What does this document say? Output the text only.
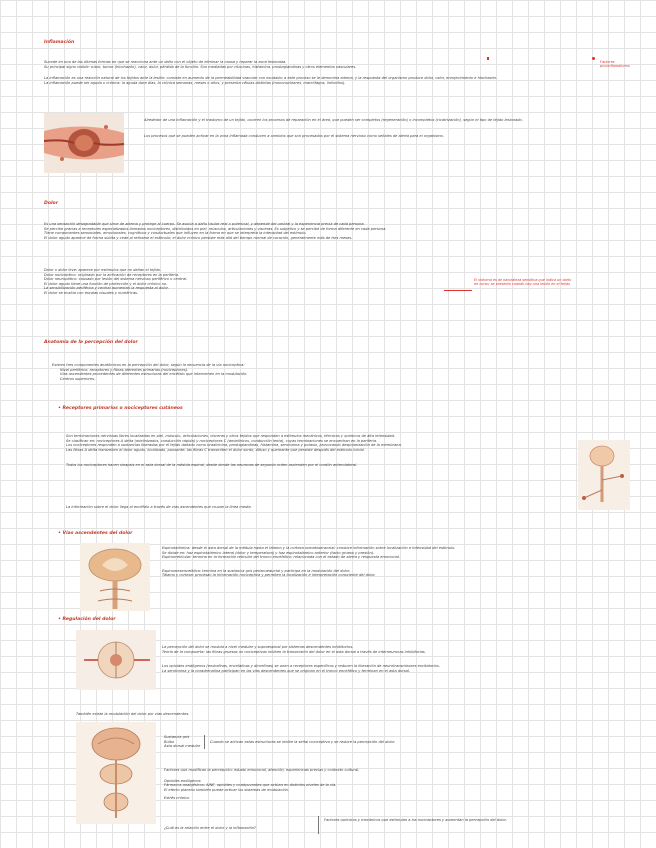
Inflamación
Factores
procinflamatorios
Sucede en una de las últimas formas en que se reacciona ante un daño con el objeto de eliminar la causa y reparar la zona lesionada.
Su principal signo visible: rubor, tumor (hinchazón), calor, dolor, pérdida de la función. Son mediadas por citocinas, histamina, prostaglandinas y otros elementos vasculares.
La inflamación es una reacción natural de los tejidos ante la lesión: consiste en aumento de la permeabilidad vascular con exudado; a este proceso se le denomina edema, y la respuesta del organismo produce dolor, calor, enrojecimiento e hinchazón.
La inflamación puede ser aguda o crónica: la aguda dura días, la crónica semanas, meses o años, y presenta células distintas (mononucleares, macrófagos, linfocitos).
Alrededor de una inflamación y el trastorno de un tejido, ocurren los procesos de reparación en el área, que pueden ser completos (regeneración) o incompletos (cicatrización), según el tipo de tejido lesionado.
Los procesos que se pueden activar en la zona inflamada conducen a cambios que son procesados por el sistema nervioso como señales de alerta para el organismo.
Dolor
Es una sensación desagradable que sirve de alarma y protege al cuerpo. Se asocia a daño tisular real o potencial, y depende del umbral y la experiencia previa de cada persona.
Se percibe gracias a receptores especializados llamados nociceptores, distribuidos en piel, músculos, articulaciones y vísceras. Es subjetivo y se percibe de forma diferente en cada persona.
Tiene componentes sensoriales, emocionales, cognitivos y conductuales que influyen en la forma en que se interpreta la intensidad del estímulo.
El dolor agudo aparece de forma súbita y cede al retirarse el estímulo; el dolor crónico persiste más allá del tiempo normal de curación, generalmente más de tres meses.
Dolor o dolor leve: aparece por estímulos que no dañan el tejido.
Dolor nociceptivo: originado por la activación de receptores en la periferia.
Dolor neuropático: causado por lesión del sistema nervioso periférico o central.
El dolor agudo tiene una función de protección y el dolor crónico no.
La sensibilización periférica y central aumentan la respuesta al dolor.
El dolor se evalúa con escalas visuales y numéricas.
El síntoma es de naturaleza sensitiva que indica un daño
en curso; se presenta cuando hay una lesión en el tejido
Anatomía de la percepción del dolor
Existen tres componentes anatómicos en la percepción del dolor, según la secuencia de la vía nociceptiva:
Nivel periférico: receptores y fibras aferentes primarias (nociceptores).
Vías ascendentes procedentes de diferentes estructuras del encéfalo que intervienen en la modulación.
Centros superiores.
• Receptores primarios o nociceptores cutáneos
Son terminaciones nerviosas libres localizadas en piel, músculo, articulaciones, vísceras y otros tejidos que responden a estímulos mecánicos, térmicos y químicos de alta intensidad.
Se clasifican en: nociceptores A delta (mielinizados, conducción rápida) y nociceptores C (amielínicos, conducción lenta), cuyas terminaciones se encuentran en la periferia.
Los nociceptores responden a sustancias liberadas por el tejido dañado como bradicinina, prostaglandinas, histamina, serotonina y potasio, provocando despolarización de la membrana.
Las fibras A delta transmiten el dolor agudo, localizado, punzante; las fibras C transmiten el dolor sordo, difuso y quemante que persiste después del estímulo inicial.
Todos los nociceptores hacen sinapsis en el asta dorsal de la médula espinal, desde donde las neuronas de segundo orden ascienden por el cordón anterolateral.
La información sobre el dolor llega al encéfalo a través de vías ascendentes que cruzan la línea media.
• Vías ascendentes del dolor
Espinotalámica: desde el asta dorsal de la médula hasta el tálamo y la corteza somatosensorial; conduce información sobre localización e intensidad del estímulo.
Se divide en: haz espinotalámico lateral (dolor y temperatura) y haz espinotalámico anterior (tacto grueso y presión).
Espinorreticular: termina en la formación reticular del tronco encefálico; relacionada con el estado de alerta y respuesta emocional.
Espinomesencefálica: termina en la sustancia gris periacueductal y participa en la modulación del dolor.
Tálamo y corteza: procesan la información nociceptiva y permiten la localización e interpretación consciente del dolor.
• Regulación del dolor
La percepción del dolor se modula a nivel medular y supraespinal por sistemas descendentes inhibitorios.
Teoría de la compuerta: las fibras gruesas no nociceptivas inhiben la transmisión del dolor en el asta dorsal a través de interneuronas inhibitorias.
Los opioides endógenos (endorfinas, encefalinas y dinorfinas) se unen a receptores específicos y reducen la liberación de neurotransmisores excitatorios.
La serotonina y la noradrenalina participan en las vías descendentes que se originan en el tronco encefálico y terminan en el asta dorsal.
También existe la modulación del dolor por vías descendentes.
Sustancia gris
Bulbo
Asta dorsal medular
Cuando se activan estas estructuras se inhibe la señal nociceptiva y se reduce la percepción del dolor.
Factores que modifican la percepción: estado emocional, atención, experiencias previas y contexto cultural.
Opioides endógenos
Fármacos analgésicos: AINE, opioides y coadyuvantes que actúan en distintos niveles de la vía.
El efecto placebo también puede activar los sistemas de modulación.
Estrés crónico
¿Cuál es la relación entre el dolor y la inflamación?
Factores químicos y mecánicos que estimulan a los nociceptores y aumentan la percepción del dolor.
